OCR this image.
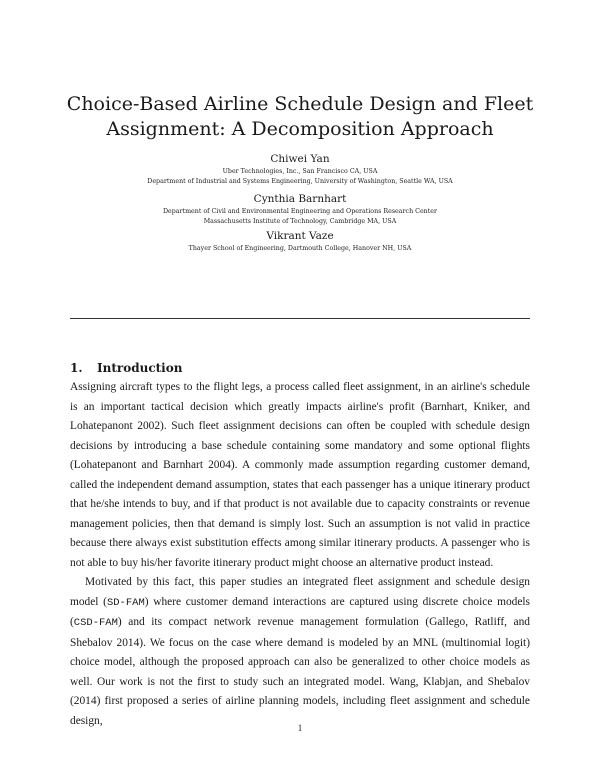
Choice-Based Airline Schedule Design and Fleet
Assignment: A Decomposition Approach
Chiwei Yan
Uber Technologies, Inc., San Francisco CA, USA
Department of Industrial and Systems Engineering, University of Washington, Seattle WA, USA
Cynthia Barnhart
Department of Civil and Environmental Engineering and Operations Research Center
Massachusetts Institute of Technology, Cambridge MA, USA
Vikrant Vaze
Thayer School of Engineering, Dartmouth College, Hanover NH, USA
1. Introduction

Assigning aircraft types to the flight legs, a process called fleet assignment, in an airline's schedule is an important tactical decision which greatly impacts airline's profit (Barnhart, Kniker, and Lohatepanont 2002). Such fleet assignment decisions can often be coupled with schedule design decisions by introducing a base schedule containing some mandatory and some optional flights (Lohatepanont and Barnhart 2004). A commonly made assumption regarding customer demand, called the independent demand assumption, states that each passenger has a unique itinerary product that he/she intends to buy, and if that product is not available due to capacity constraints or revenue management policies, then that demand is simply lost. Such an assumption is not valid in practice because there always exist substitution effects among similar itinerary products. A passenger who is not able to buy his/her favorite itinerary product might choose an alternative product instead.

Motivated by this fact, this paper studies an integrated fleet assignment and schedule design model (SD-FAM) where customer demand interactions are captured using discrete choice models (CSD-FAM) and its compact network revenue management formulation (Gallego, Ratliff, and Shebalov 2014). We focus on the case where demand is modeled by an MNL (multinomial logit) choice model, although the proposed approach can also be generalized to other choice models as well. Our work is not the first to study such an integrated model. Wang, Klabjan, and Shebalov (2014) first proposed a series of airline planning models, including fleet assignment and schedule design,

1
